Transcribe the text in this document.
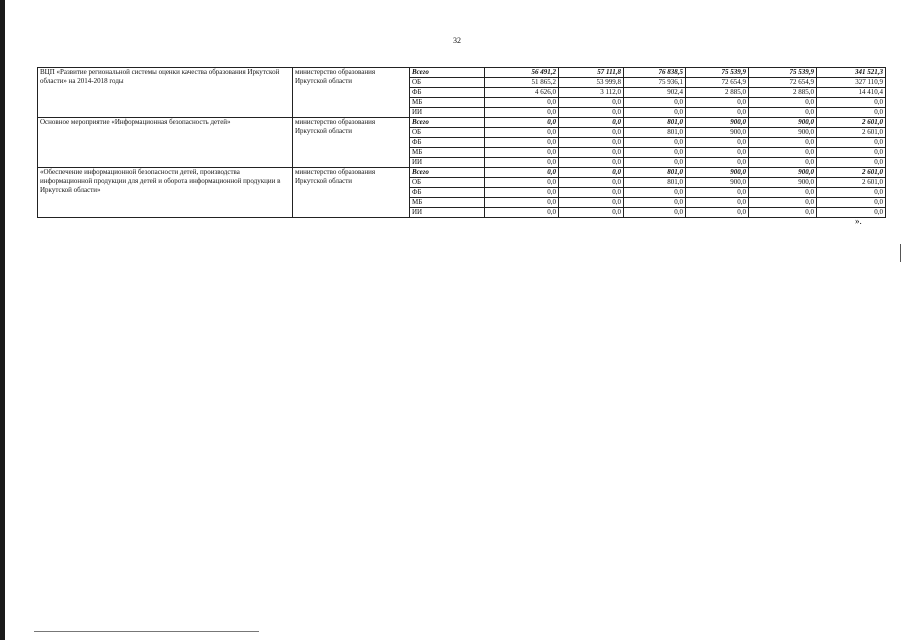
32
ВЦП «Развитие региональной системы оценки качества образования Иркутской области» на 2014-2018 годы	министерство образования Иркутской области	Всего	56 491,2	57 111,8	76 838,5	75 539,9	75 539,9	341 521,3
		ОБ	51 865,2	53 999,8	75 936,1	72 654,9	72 654,9	327 110,9
		ФБ	4 626,0	3 112,0	902,4	2 885,0	2 885,0	14 410,4
		МБ	0,0	0,0	0,0	0,0	0,0	0,0
		ИИ	0,0	0,0	0,0	0,0	0,0	0,0
Основное мероприятие «Информационная безопасность детей»	министерство образования Иркутской области	Всего	0,0	0,0	801,0	900,0	900,0	2 601,0
		ОБ	0,0	0,0	801,0	900,0	900,0	2 601,0
		ФБ	0,0	0,0	0,0	0,0	0,0	0,0
		МБ	0,0	0,0	0,0	0,0	0,0	0,0
		ИИ	0,0	0,0	0,0	0,0	0,0	0,0
«Обеспечение информационной безопасности детей, производства информационной продукции для детей и оборота информационной продукции в Иркутской области»	министерство образования Иркутской области	Всего	0,0	0,0	801,0	900,0	900,0	2 601,0
		ОБ	0,0	0,0	801,0	900,0	900,0	2 601,0
		ФБ	0,0	0,0	0,0	0,0	0,0	0,0
		МБ	0,0	0,0	0,0	0,0	0,0	0,0
		ИИ	0,0	0,0	0,0	0,0	0,0	0,0
».
